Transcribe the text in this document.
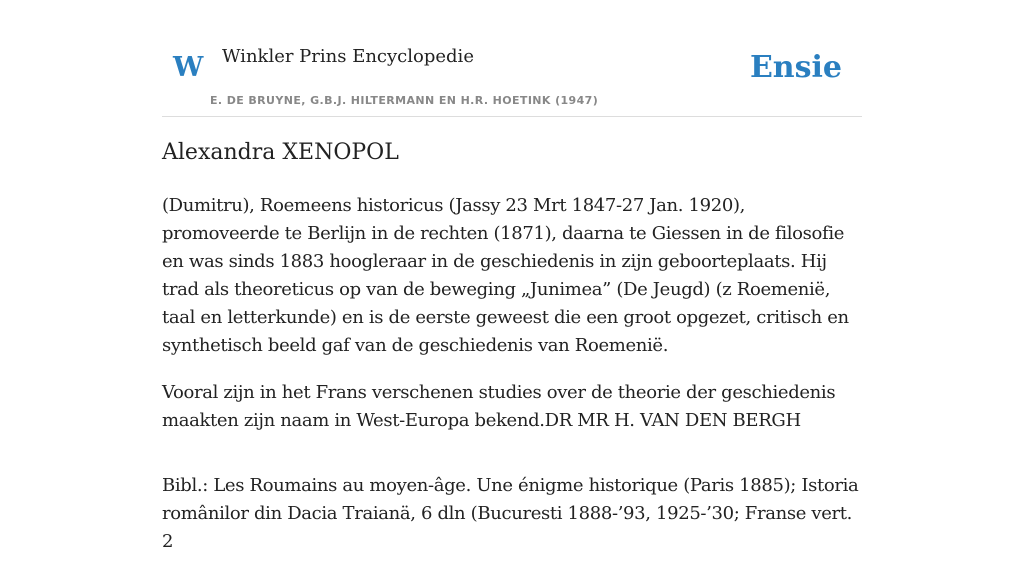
W Winkler Prins Encyclopedie
E. DE BRUYNE, G.B.J. HILTERMANN EN H.R. HOETINK (1947)
Ensie
Alexandra XENOPOL

(Dumitru), Roemeens historicus (Jassy 23 Mrt 1847-27 Jan. 1920), promoveerde te Berlijn in de rechten (1871), daarna te Giessen in de filosofie en was sinds 1883 hoogleraar in de geschiedenis in zijn geboorteplaats. Hij trad als theoreticus op van de beweging „Junimea” (De Jeugd) (z Roemenië, taal en letterkunde) en is de eerste geweest die een groot opgezet, critisch en synthetisch beeld gaf van de geschiedenis van Roemenië.

Vooral zijn in het Frans verschenen studies over de theorie der geschiedenis maakten zijn naam in West-Europa bekend.DR MR H. VAN DEN BERGH

Bibl.: Les Roumains au moyen-âge. Une énigme historique (Paris 1885); Istoria românilor din Dacia Traianä, 6 dln (Bucuresti 1888-’93, 1925-’30; Franse vert. 2
